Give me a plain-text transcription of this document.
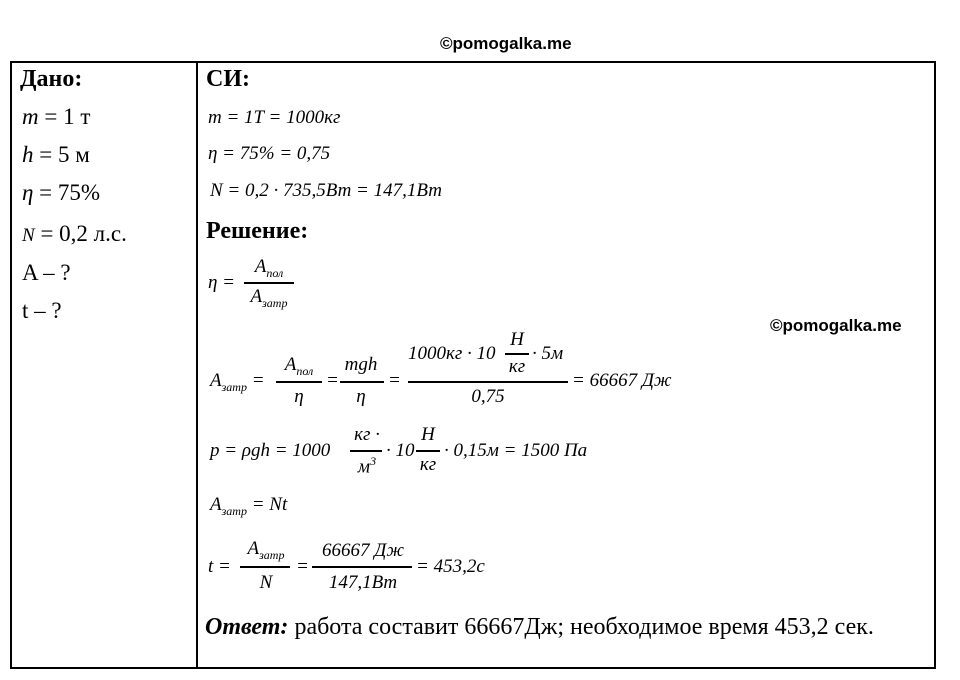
©pomogalka.me
©pomogalka.me
Дано:
m = 1 т
h = 5 м
η = 75%
N = 0,2 л.с.
A – ?
t – ?
СИ:
m = 1T = 1000кг
η = 75% = 0,75
N = 0,2 · 735,5Вт = 147,1Вт
Решение:
η =
$A_{пол}$
$A_{затр}$
$A_{затр}$ =
$A_{пол}$
η
=
mgh
η
=
1000кг · 10
Н
кг
· 5м
0,75
= 66667 Дж
p = ρgh = 1000
кг ·
$м^3 \cdot 10$
Н
кг
· 0,15м = 1500 Па
$A_{затр} = Nt$
t =
$A_{затр}$
N
=
66667 Дж
147,1Вт
= 453,2с
Ответ: работа составит 66667Дж; необходимое время 453,2 сек.
